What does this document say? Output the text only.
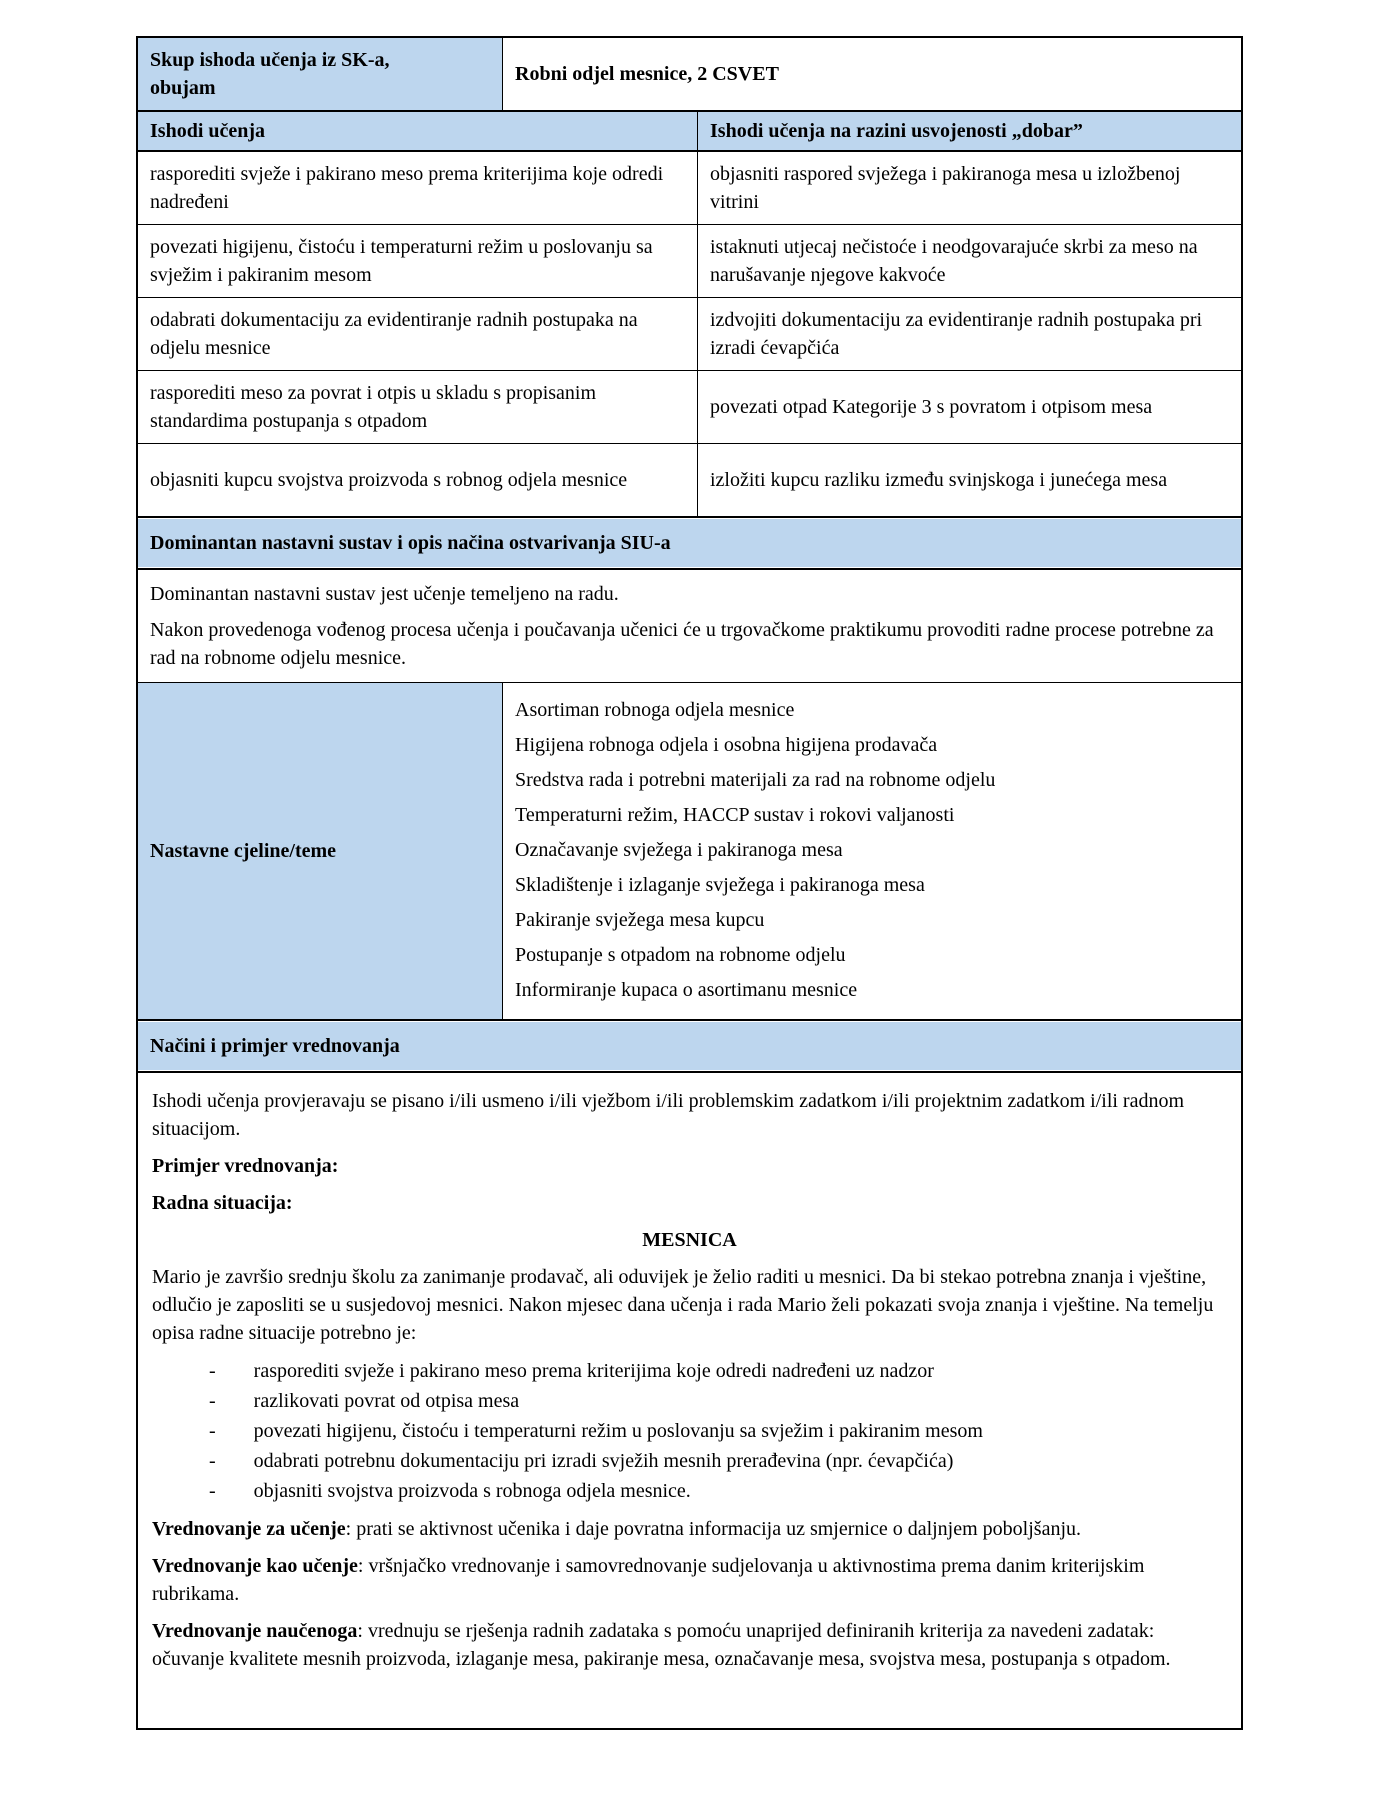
Skup ishoda učenja iz SK-a,
obujam
Robni odjel mesnice, 2 CSVET
Ishodi učenja	Ishodi učenja na razini usvojenosti „dobar”
rasporediti svježe i pakirano meso prema kriterijima koje odredi nadređeni
objasniti raspored svježega i pakiranoga mesa u izložbenoj vitrini
povezati higijenu, čistoću i temperaturni režim u poslovanju sa svježim i pakiranim mesom
istaknuti utjecaj nečistoće i neodgovarajuće skrbi za meso na narušavanje njegove kakvoće
odabrati dokumentaciju za evidentiranje radnih postupaka na odjelu mesnice
izdvojiti dokumentaciju za evidentiranje radnih postupaka pri izradi ćevapčića
rasporediti meso za povrat i otpis u skladu s propisanim standardima postupanja s otpadom
povezati otpad Kategorije 3 s povratom i otpisom mesa
objasniti kupcu svojstva proizvoda s robnog odjela mesnice	izložiti kupcu razliku između svinjskoga i junećega mesa
Dominantan nastavni sustav i opis načina ostvarivanja SIU-a

Dominantan nastavni sustav jest učenje temeljeno na radu.

Nakon provedenoga vođenog procesa učenja i poučavanja učenici će u trgovačkome praktikumu provoditi radne procese potrebne za rad na robnome odjelu mesnice.

Nastavne cjeline/teme
Asortiman robnoga odjela mesnice
Higijena robnoga odjela i osobna higijena prodavača
Sredstva rada i potrebni materijali za rad na robnome odjelu
Temperaturni režim, HACCP sustav i rokovi valjanosti
Označavanje svježega i pakiranoga mesa
Skladištenje i izlaganje svježega i pakiranoga mesa
Pakiranje svježega mesa kupcu
Postupanje s otpadom na robnome odjelu
Informiranje kupaca o asortimanu mesnice
Načini i primjer vrednovanja

Ishodi učenja provjeravaju se pisano i/ili usmeno i/ili vježbom i/ili problemskim zadatkom i/ili projektnim zadatkom i/ili radnom situacijom.

Primjer vrednovanja:

Radna situacija:

MESNICA

Mario je završio srednju školu za zanimanje prodavač, ali oduvijek je želio raditi u mesnici. Da bi stekao potrebna znanja i vještine, odlučio je zaposliti se u susjedovoj mesnici. Nakon mjesec dana učenja i rada Mario želi pokazati svoja znanja i vještine. Na temelju opisa radne situacije potrebno je:

- rasporediti svježe i pakirano meso prema kriterijima koje odredi nadređeni uz nadzor
- razlikovati povrat od otpisa mesa
- povezati higijenu, čistoću i temperaturni režim u poslovanju sa svježim i pakiranim mesom
- odabrati potrebnu dokumentaciju pri izradi svježih mesnih prerađevina (npr. ćevapčića)
- objasniti svojstva proizvoda s robnoga odjela mesnice.

Vrednovanje za učenje: prati se aktivnost učenika i daje povratna informacija uz smjernice o daljnjem poboljšanju.

Vrednovanje kao učenje: vršnjačko vrednovanje i samovrednovanje sudjelovanja u aktivnostima prema danim kriterijskim rubrikama.

Vrednovanje naučenoga: vrednuju se rješenja radnih zadataka s pomoću unaprijed definiranih kriterija za navedeni zadatak: očuvanje kvalitete mesnih proizvoda, izlaganje mesa, pakiranje mesa, označavanje mesa, svojstva mesa, postupanja s otpadom.
